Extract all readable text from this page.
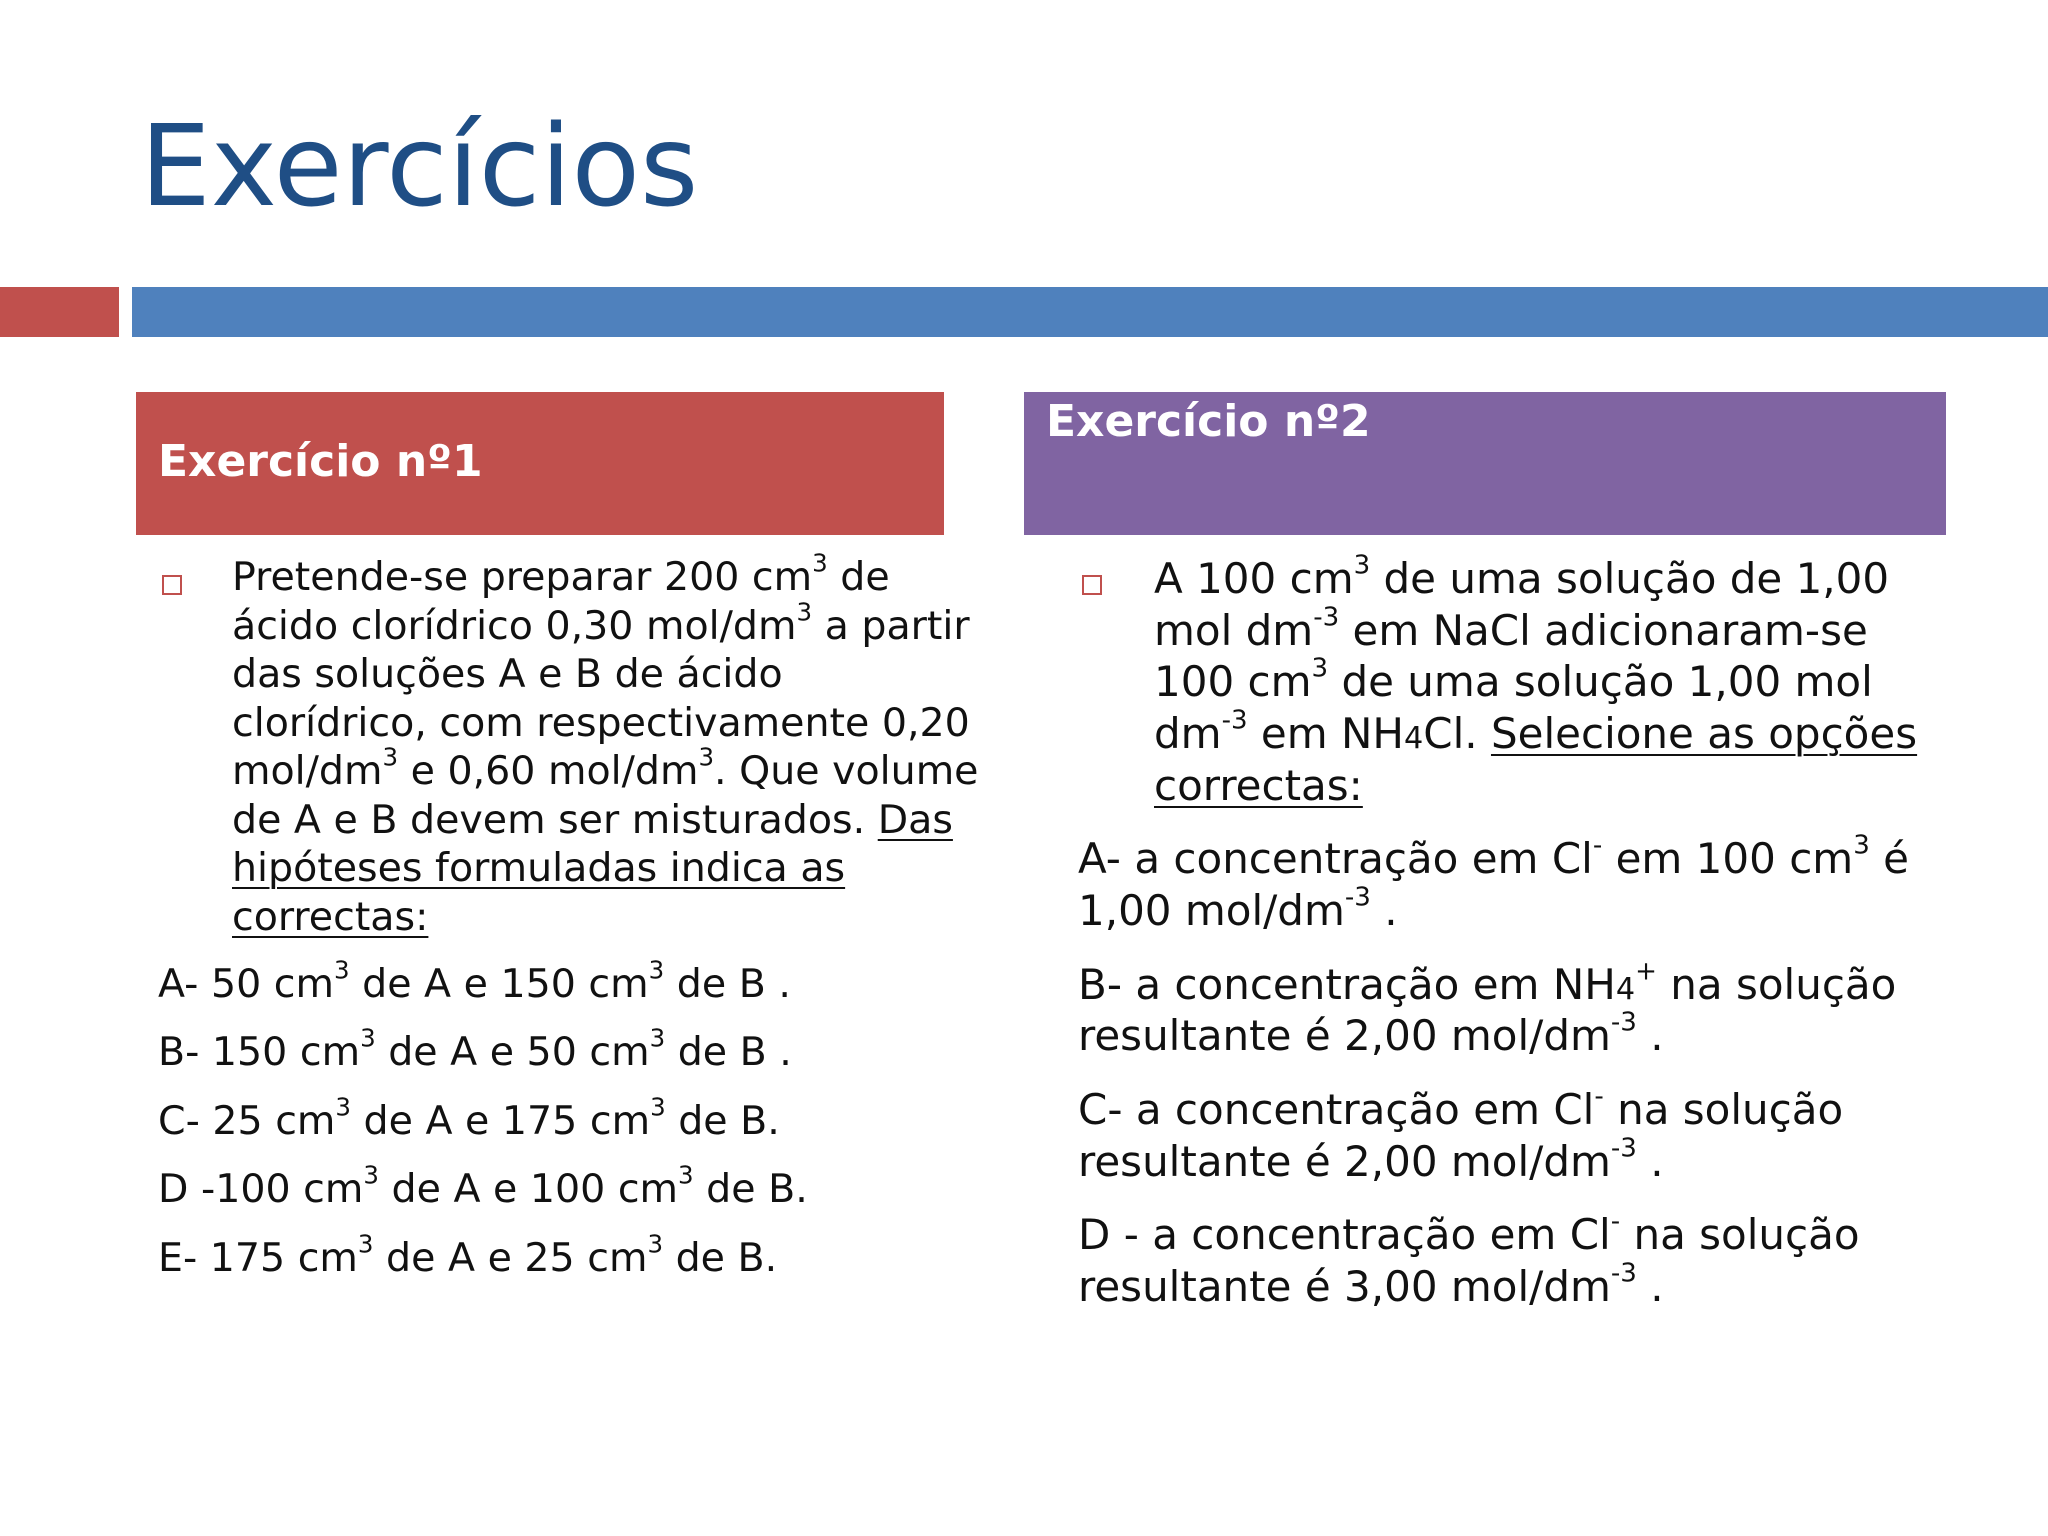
Exercícios
Exercício nº1
Pretende-se preparar 200 $cm^3$ de ácido clorídrico 0,30 mol/$dm^3$ a partir das soluções A e B de ácido clorídrico, com respectivamente 0,20 mol/$dm^3$ e 0,60 mol/$dm^3$. Que volume de A e B devem ser misturados. Das hipóteses formuladas indica as correctas:
A- 50 $cm^3$ de A e 150 $cm^3$ de B .
B- 150 $cm^3$ de A e 50 $cm^3$ de B .
C- 25 $cm^3$ de A e 175 $cm^3$ de B.
D -100 $cm^3$ de A e 100 $cm^3$ de B.
E- 175 $cm^3$ de A e 25 $cm^3$ de B.
Exercício nº2
A 100 $cm^3$ de uma solução de 1,00 mol $dm^{-3}$ em NaCl adicionaram-se 100 $cm^3$ de uma solução 1,00 mol $dm^{-3}$ em NH4Cl. Selecione as opções correctas:
A- a concentração em Cl- em 100 $cm^3$ é 1,00 mol/$dm^{-3}$ .
B- a concentração em NH4+ na solução resultante é 2,00 mol/$dm^{-3}$ .
C- a concentração em Cl- na solução resultante é 2,00 mol/$dm^{-3}$ .
D - a concentração em Cl- na solução resultante é 3,00 mol/$dm^{-3}$ .
